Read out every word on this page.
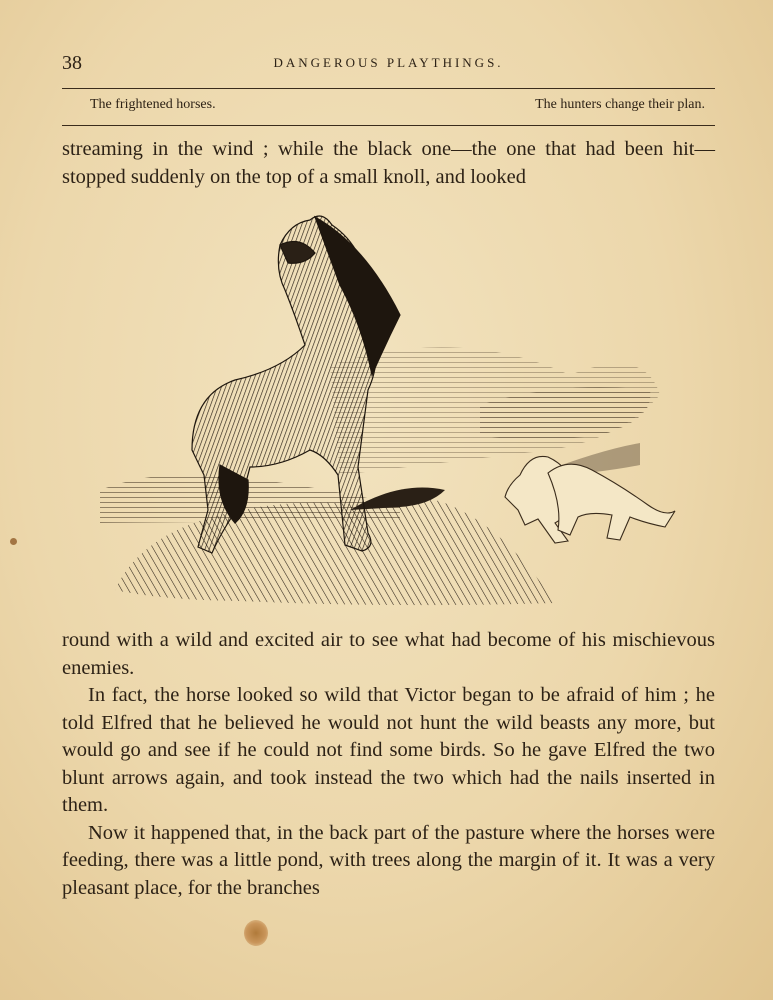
38	DANGEROUS PLAYTHINGS.
The frightened horses.	The hunters change their plan.

streaming in the wind ; while the black one—the one that had been hit—stopped suddenly on the top of a small knoll, and looked

round with a wild and excited air to see what had become of his mischievous enemies.

In fact, the horse looked so wild that Victor began to be afraid of him ; he told Elfred that he believed he would not hunt the wild beasts any more, but would go and see if he could not find some birds. So he gave Elfred the two blunt arrows again, and took instead the two which had the nails inserted in them.

Now it happened that, in the back part of the pasture where the horses were feeding, there was a little pond, with trees along the margin of it. It was a very pleasant place, for the branches
